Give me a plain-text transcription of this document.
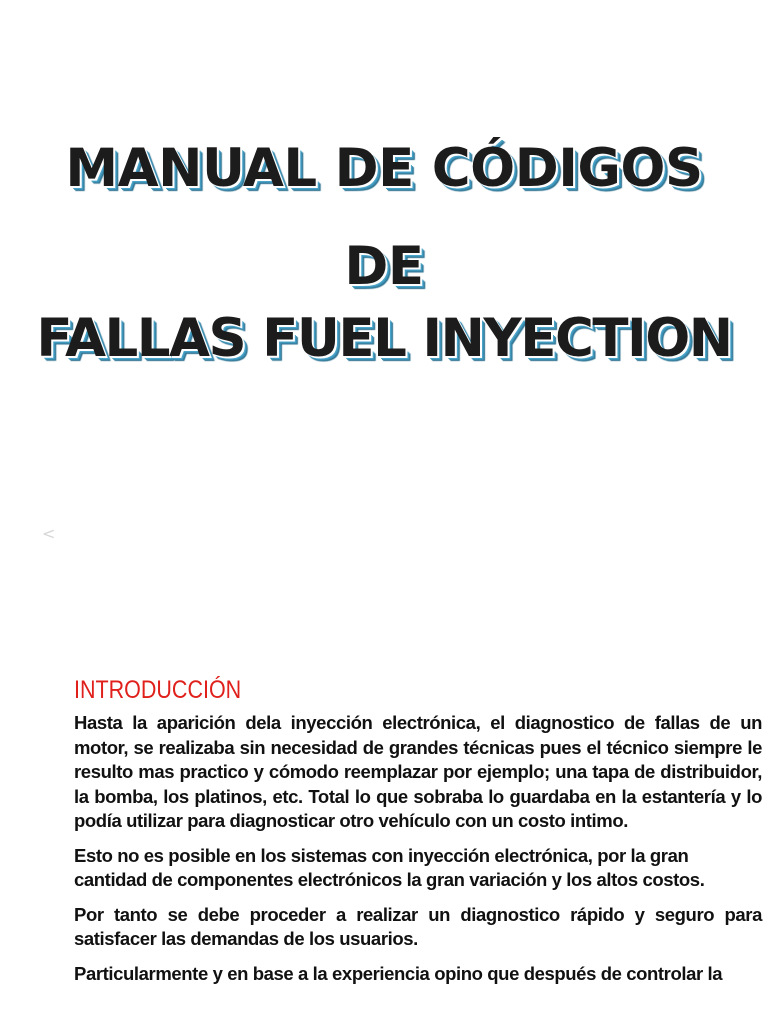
MANUAL DE CÓDIGOS
DE
FALLAS FUEL INYECTION
<
INTRODUCCIÓN

Hasta la aparición dela inyección electrónica, el diagnostico de fallas de un motor, se realizaba sin necesidad de grandes técnicas pues el técnico siempre le resulto mas practico y cómodo reemplazar por ejemplo; una tapa de distribuidor, la bomba, los platinos, etc. Total lo que sobraba lo guardaba en la estantería y lo podía utilizar para diagnosticar otro vehículo con un costo intimo.

Esto no es posible en los sistemas con inyección electrónica, por la gran cantidad de componentes electrónicos la gran variación y los altos costos.

Por tanto se debe proceder a realizar un diagnostico rápido y seguro para satisfacer las demandas de los usuarios.

Particularmente y en base a la experiencia opino que después de controlar la
